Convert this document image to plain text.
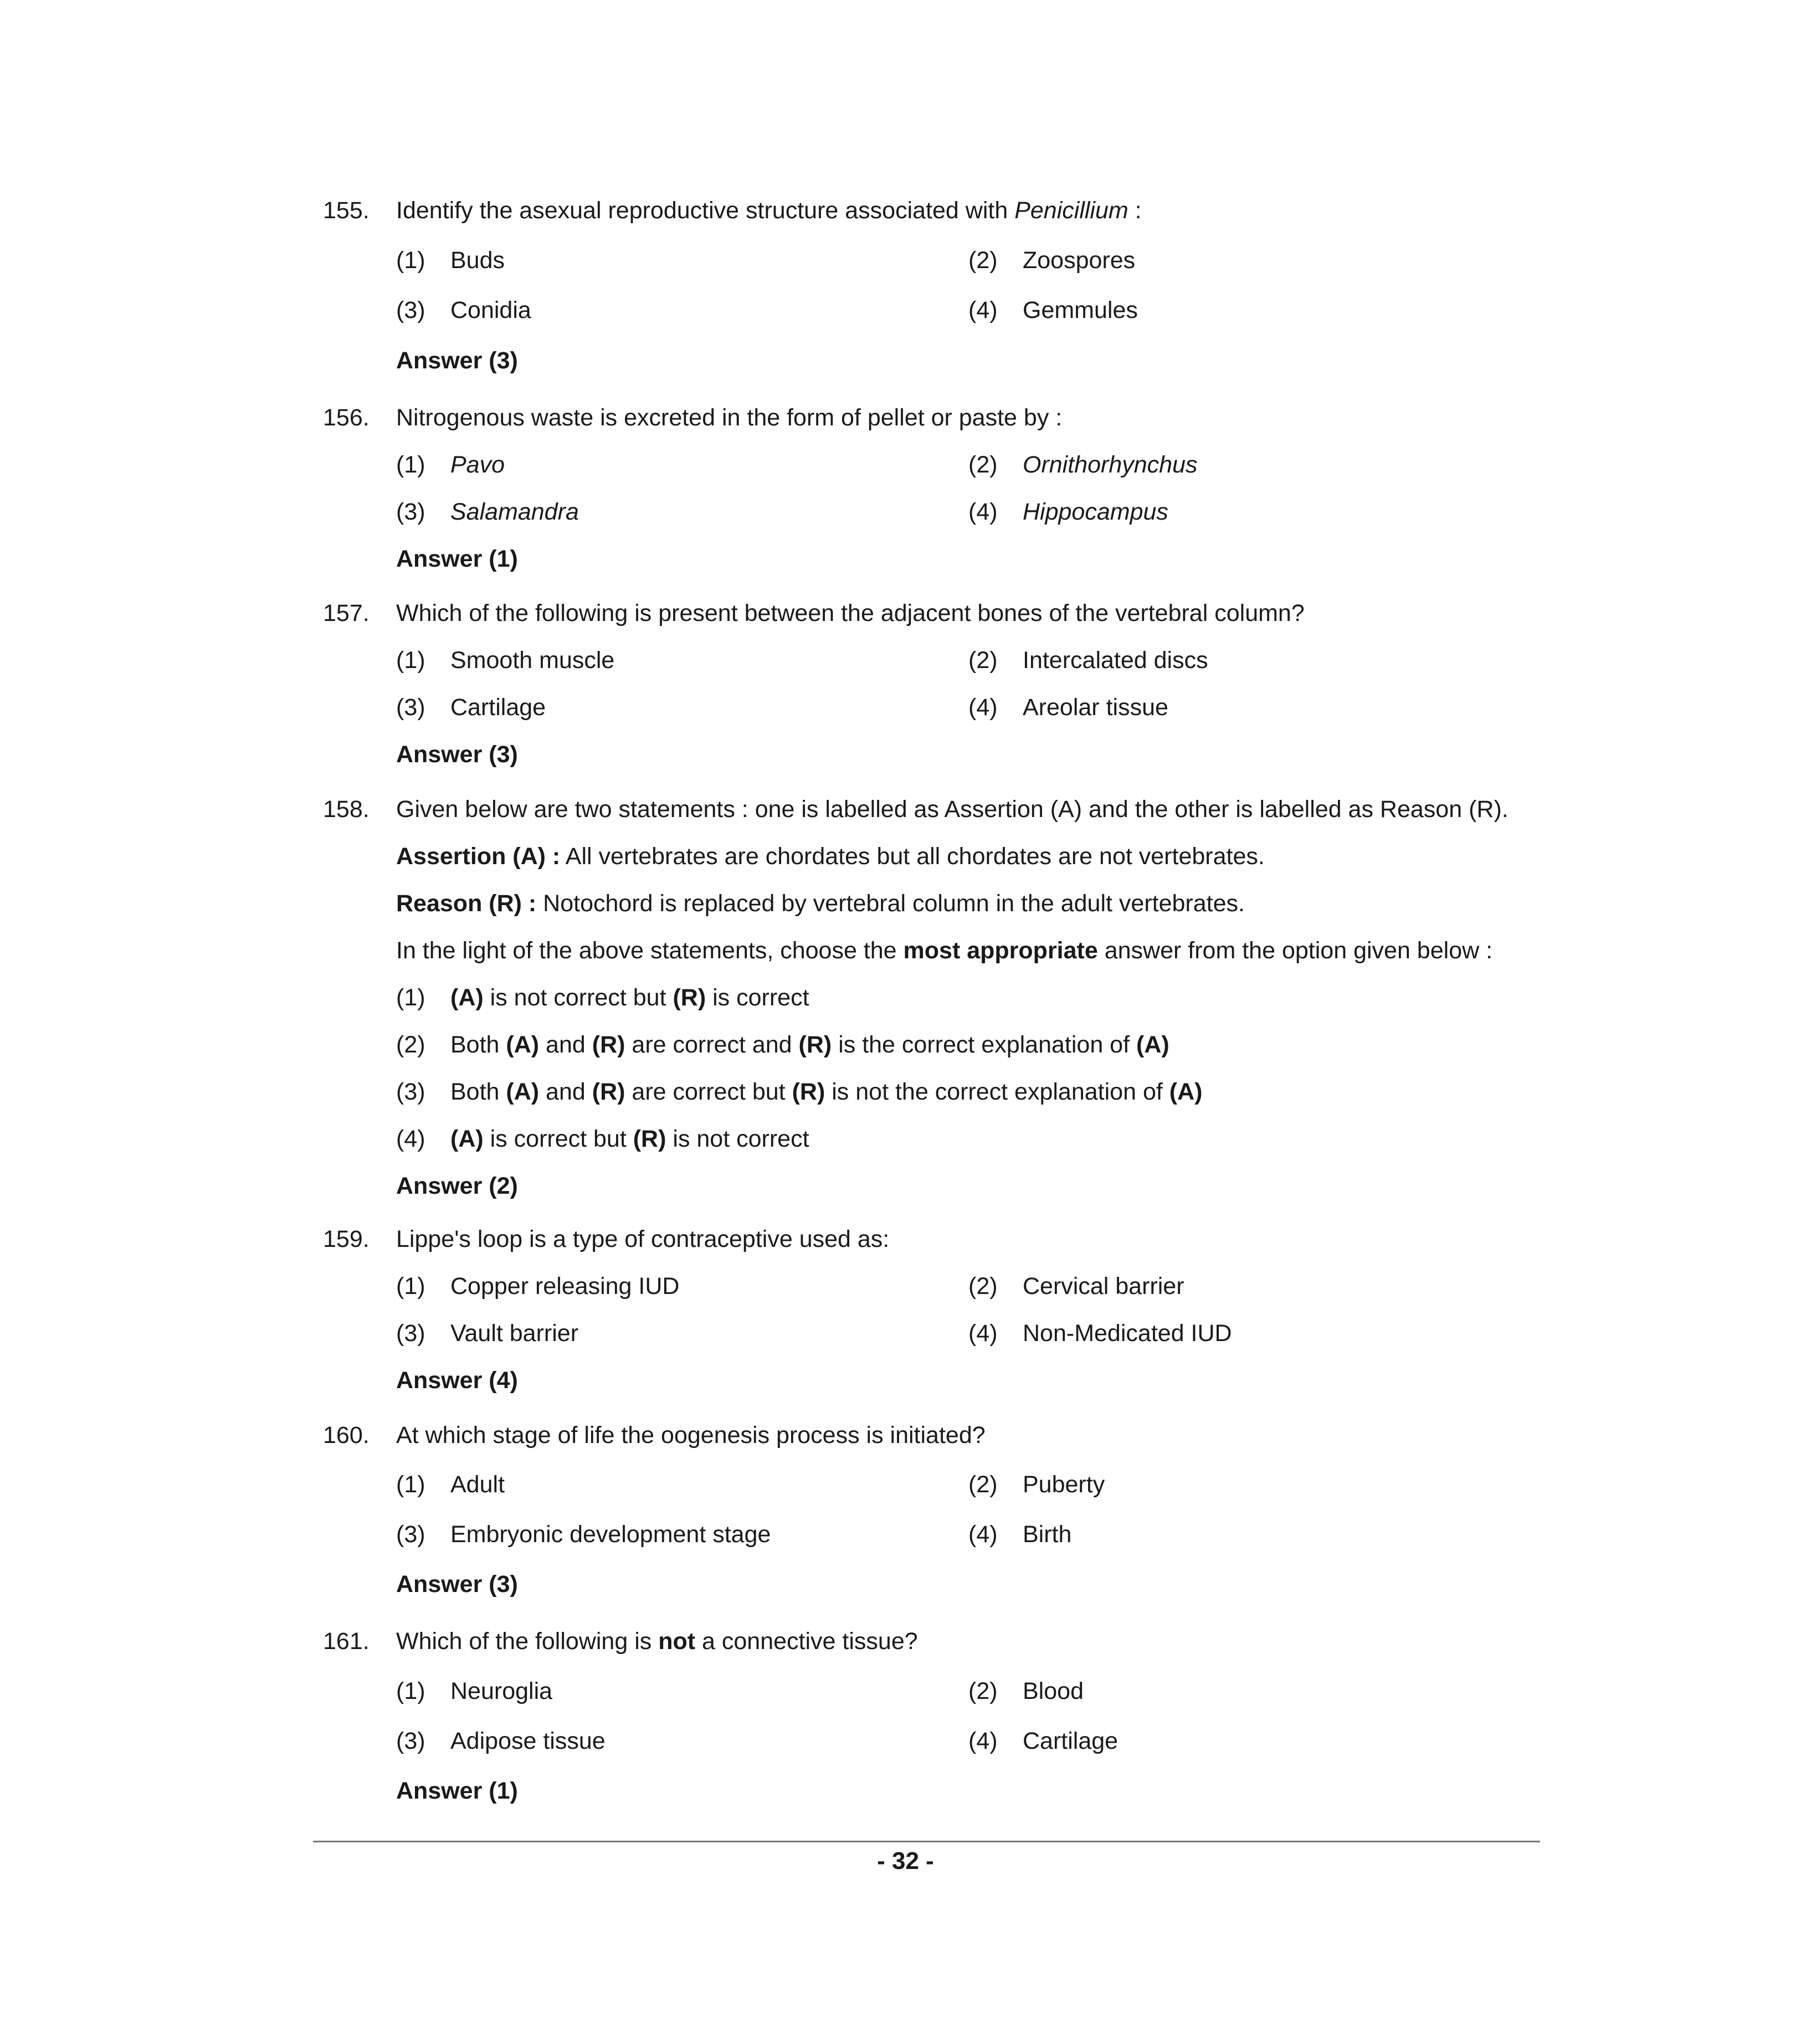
155. Identify the asexual reproductive structure associated with Penicillium :
(1) Buds	(2) Zoospores
(3) Conidia	(4) Gemmules
Answer (3)
156. Nitrogenous waste is excreted in the form of pellet or paste by :
(1) Pavo	(2) Ornithorhynchus
(3) Salamandra	(4) Hippocampus
Answer (1)
157. Which of the following is present between the adjacent bones of the vertebral column?
(1) Smooth muscle	(2) Intercalated discs
(3) Cartilage	(4) Areolar tissue
Answer (3)
158. Given below are two statements : one is labelled as Assertion (A) and the other is labelled as Reason (R).
Assertion (A) : All vertebrates are chordates but all chordates are not vertebrates.
Reason (R) : Notochord is replaced by vertebral column in the adult vertebrates.
In the light of the above statements, choose the most appropriate answer from the option given below :
(1) (A) is not correct but (R) is correct
(2) Both (A) and (R) are correct and (R) is the correct explanation of (A)
(3) Both (A) and (R) are correct but (R) is not the correct explanation of (A)
(4) (A) is correct but (R) is not correct
Answer (2)
159. Lippe's loop is a type of contraceptive used as:
(1) Copper releasing IUD	(2) Cervical barrier
(3) Vault barrier	(4) Non-Medicated IUD
Answer (4)
160. At which stage of life the oogenesis process is initiated?
(1) Adult	(2) Puberty
(3) Embryonic development stage	(4) Birth
Answer (3)
161. Which of the following is not a connective tissue?
(1) Neuroglia	(2) Blood
(3) Adipose tissue	(4) Cartilage
Answer (1)
- 32 -
